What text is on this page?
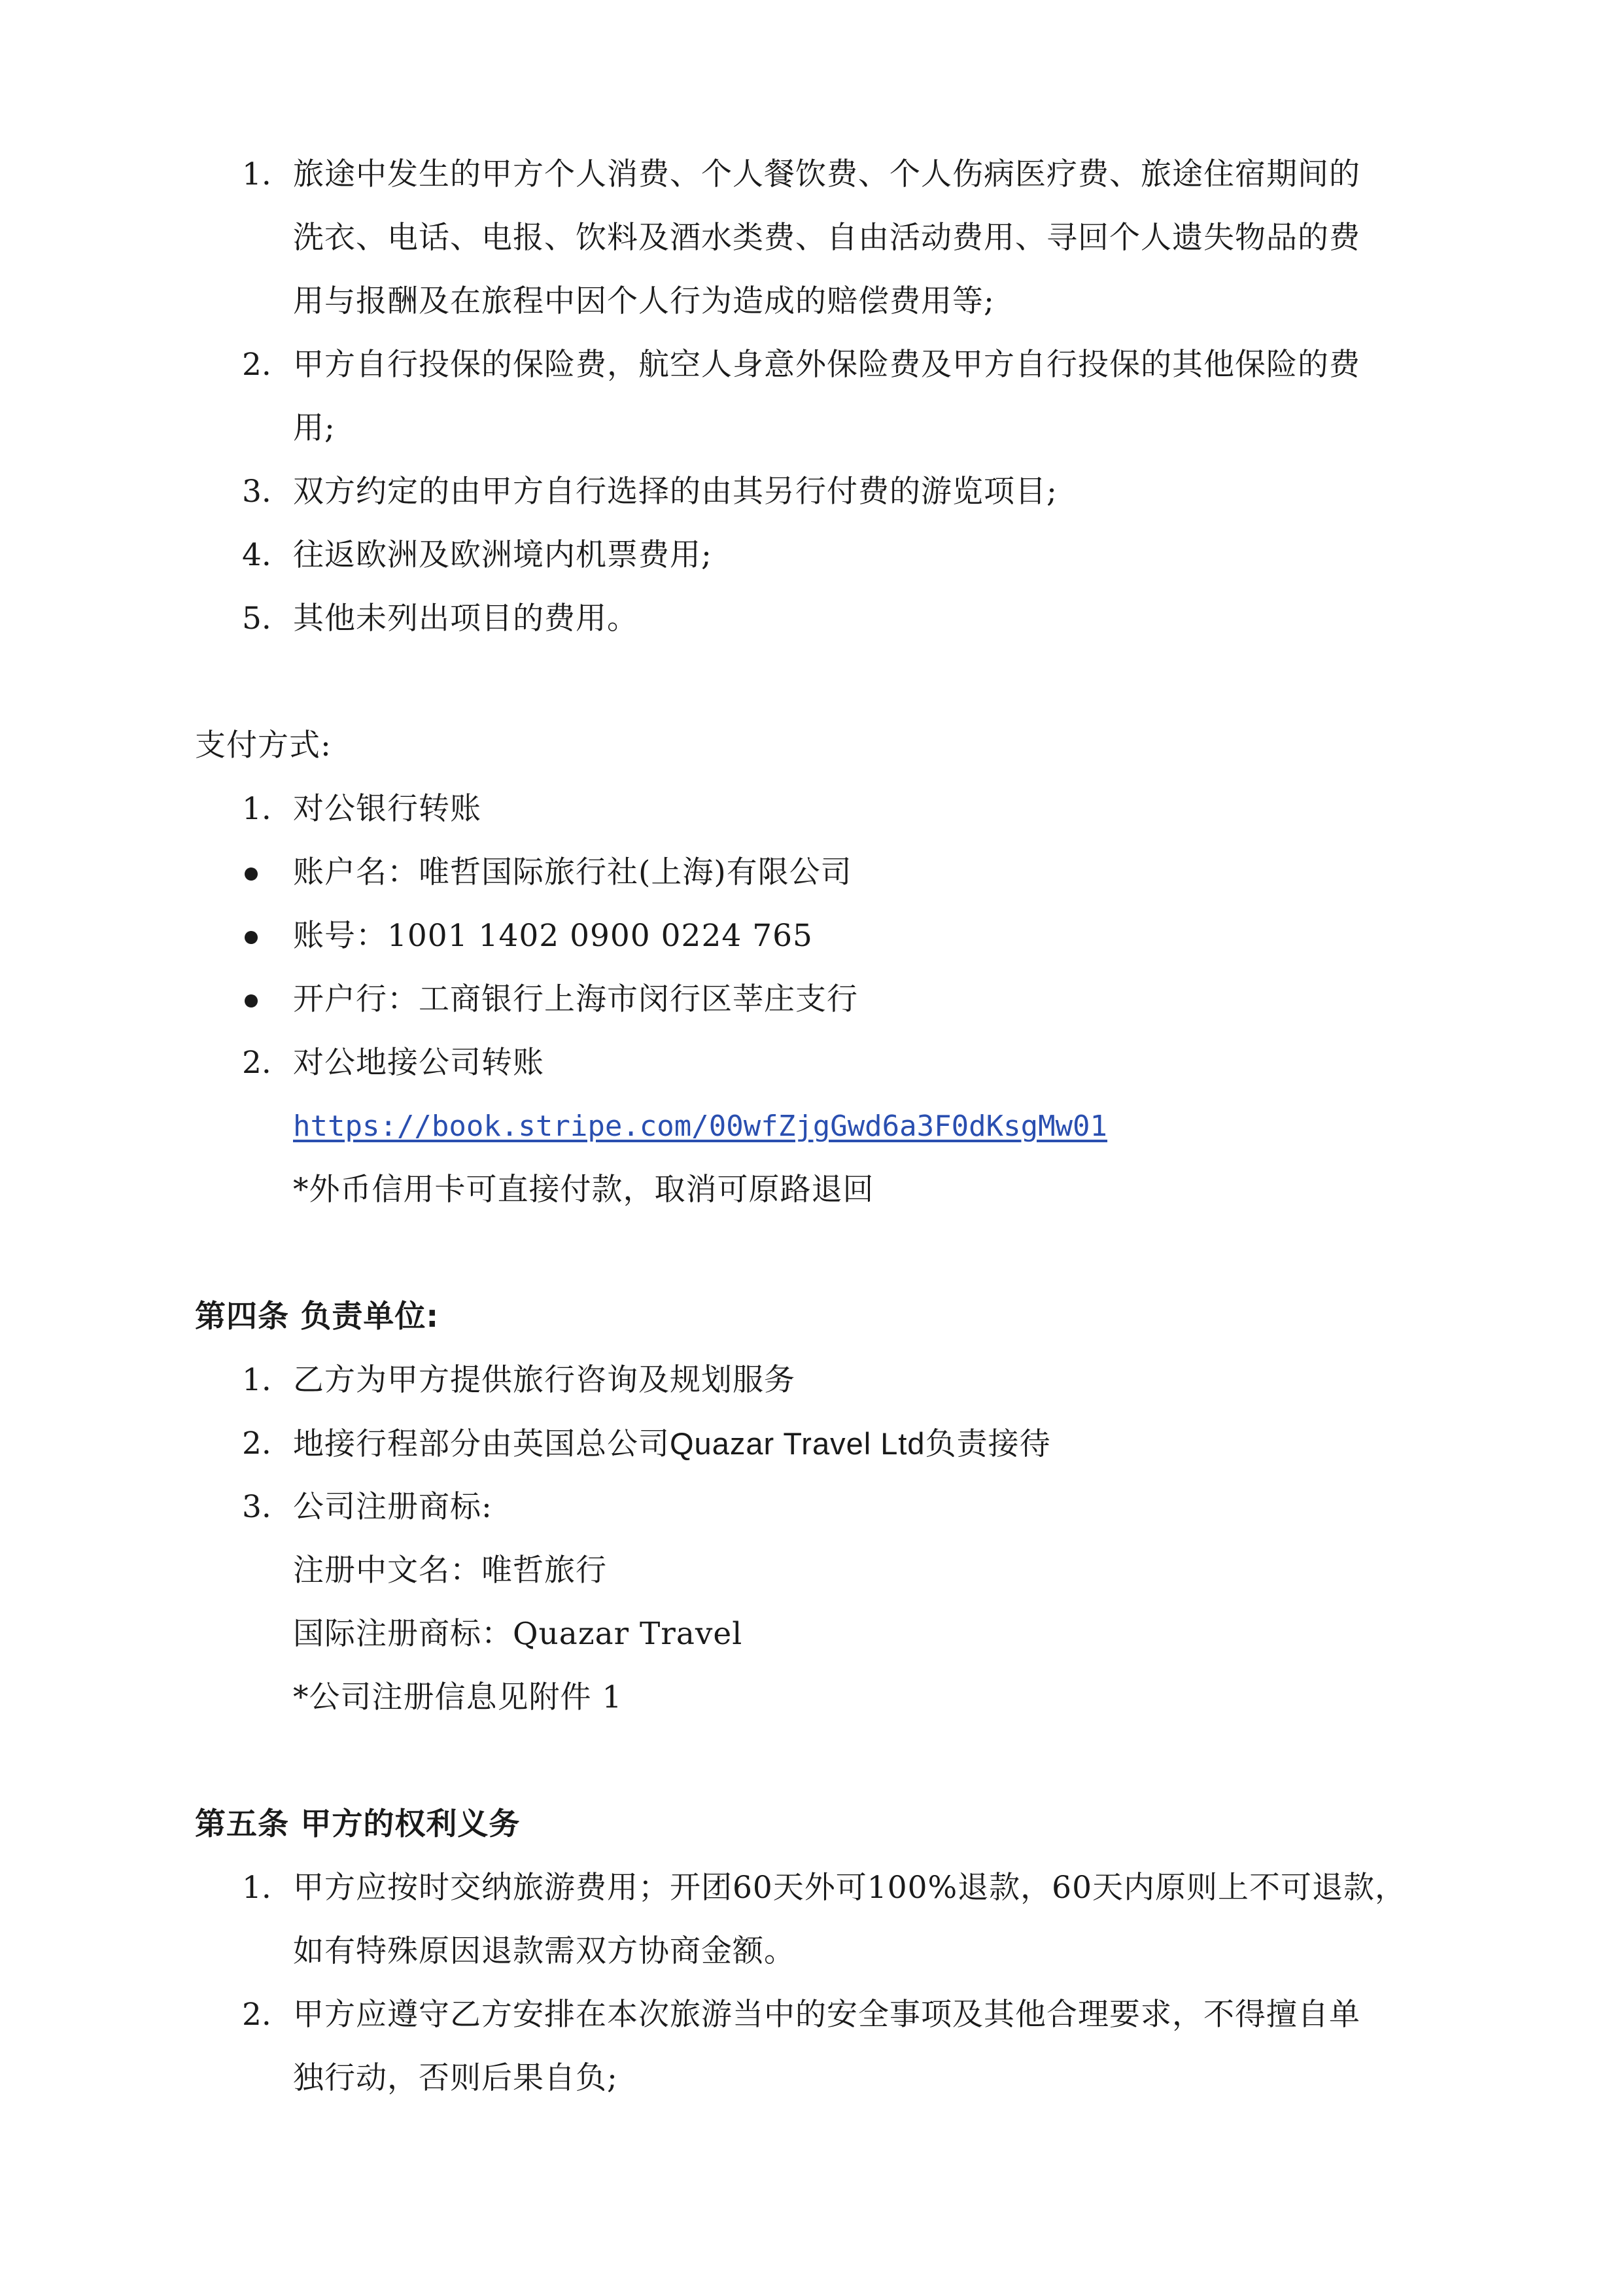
1. 旅途中发生的甲方个人消费、个人餐饮费、个人伤病医疗费、旅途住宿期间的
洗衣、电话、电报、饮料及酒水类费、自由活动费用、寻回个人遗失物品的费
用与报酬及在旅程中因个人行为造成的赔偿费用等;
2. 甲方自行投保的保险费，航空人身意外保险费及甲方自行投保的其他保险的费
用;
3. 双方约定的由甲方自行选择的由其另行付费的游览项目;
4. 往返欧洲及欧洲境内机票费用;
5. 其他未列出项目的费用。
支付方式:
1. 对公银行转账
账户名：唯哲国际旅行社(上海)有限公司
账号：1001 1402 0900 0224 765
开户行：工商银行上海市闵行区莘庄支行
2. 对公地接公司转账
https://book.stripe.com/00wfZjgGwd6a3F0dKsgMw01
*外币信用卡可直接付款，取消可原路退回
第四条 负责单位:
1. 乙方为甲方提供旅行咨询及规划服务
2. 地接行程部分由英国总公司Quazar Travel Ltd负责接待
3. 公司注册商标:
注册中文名：唯哲旅行
国际注册商标：Quazar Travel
*公司注册信息见附件 1
第五条 甲方的权利义务
1. 甲方应按时交纳旅游费用；开团60天外可100%退款，60天内原则上不可退款，
如有特殊原因退款需双方协商金额。
2. 甲方应遵守乙方安排在本次旅游当中的安全事项及其他合理要求，不得擅自单
独行动，否则后果自负;
